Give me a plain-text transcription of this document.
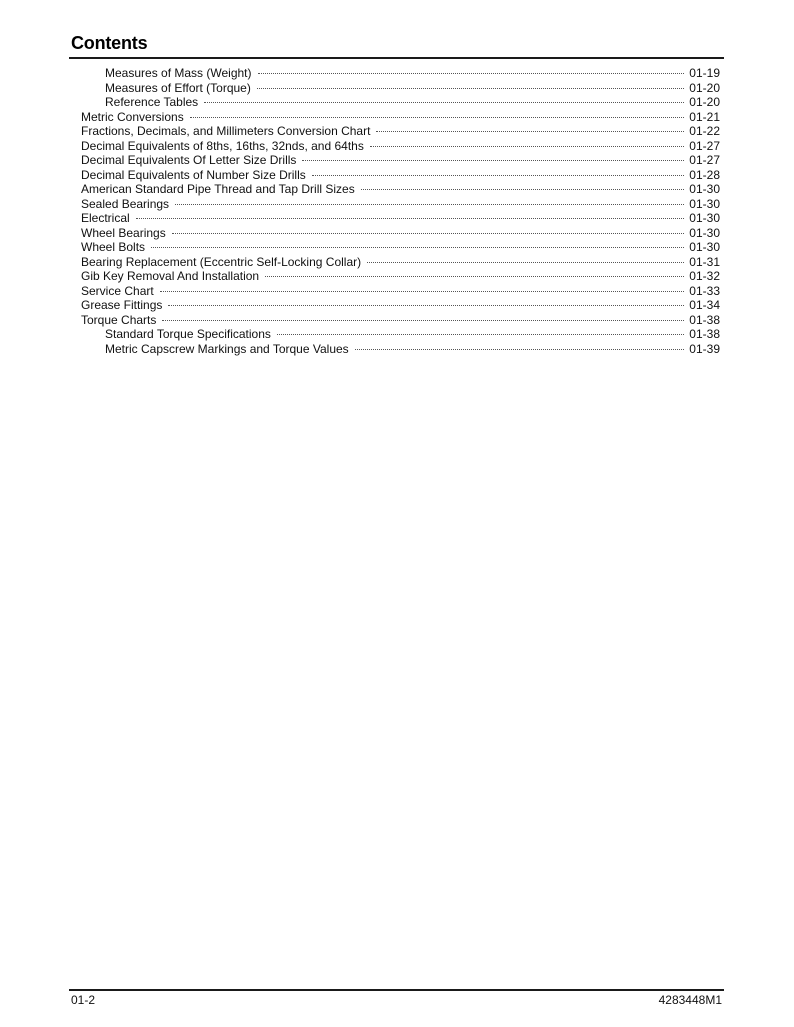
Contents
Measures of Mass (Weight)	01-19
Measures of Effort (Torque)	01-20
Reference Tables	01-20
Metric Conversions	01-21
Fractions, Decimals, and Millimeters Conversion Chart	01-22
Decimal Equivalents of 8ths, 16ths, 32nds, and 64ths	01-27
Decimal Equivalents Of Letter Size Drills	01-27
Decimal Equivalents of Number Size Drills	01-28
American Standard Pipe Thread and Tap Drill Sizes	01-30
Sealed Bearings	01-30
Electrical	01-30
Wheel Bearings	01-30
Wheel Bolts	01-30
Bearing Replacement (Eccentric Self-Locking Collar)	01-31
Gib Key Removal And Installation	01-32
Service Chart	01-33
Grease Fittings	01-34
Torque Charts	01-38
Standard Torque Specifications	01-38
Metric Capscrew Markings and Torque Values	01-39
01-2	4283448M1
